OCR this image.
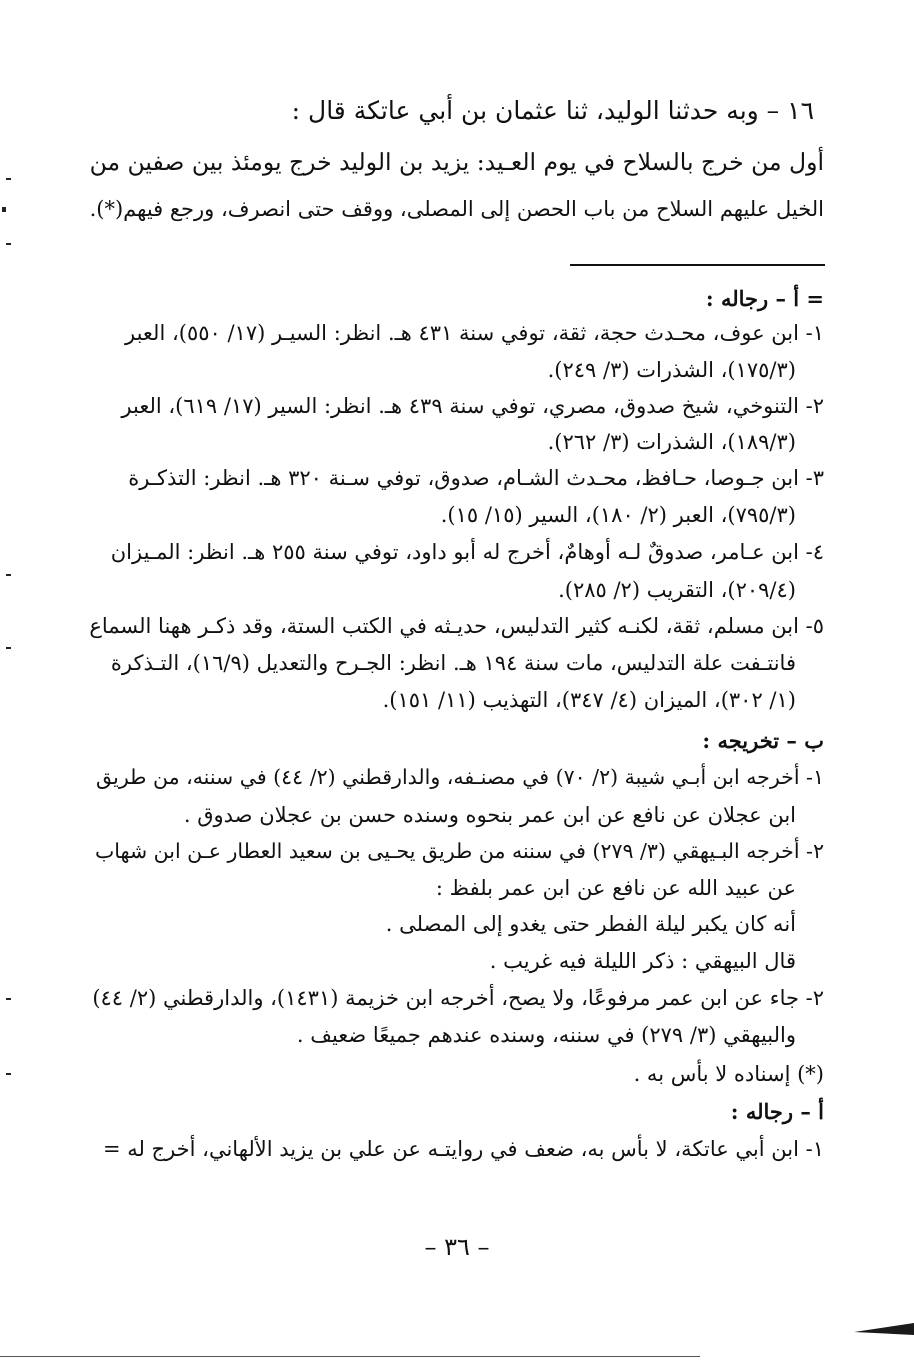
١٦ – وبه حدثنا الوليد، ثنا عثمان بن أبي عاتكة قال :
أول من خرج بالسلاح في يوم العـيد: يزيد بن الوليد خرج يومئذ بين صفين من
الخيل عليهم السلاح من باب الحصن إلى المصلى، ووقف حتى انصرف، ورجع فيهم(*).
= أ – رجاله :
١- ابن عوف، محـدث حجة، ثقة، توفي سنة ٤٣١ هـ. انظر: السيـر (١٧/ ٥٥٠)، العبر
(١٧٥/٣)، الشذرات (٣/ ٢٤٩).
٢- التنوخي، شيخ صدوق، مصري، توفي سنة ٤٣٩ هـ. انظر: السير (١٧/ ٦١٩)، العبر
(١٨٩/٣)، الشذرات (٣/ ٢٦٢).
٣- ابن جـوصا، حـافظ، محـدث الشـام، صدوق، توفي سـنة ٣٢٠ هـ. انظر: التذكـرة
(٧٩٥/٣)، العبر (٢/ ١٨٠)، السير (١٥/ ١٥).
٤- ابن عـامر، صدوقٌ لـه أوهامٌ، أخرج له أبو داود، توفي سنة ٢٥٥ هـ. انظر: المـيزان
(٢٠٩/٤)، التقريب (٢/ ٢٨٥).
٥- ابن مسلم، ثقة، لكنـه كثير التدليس، حديـثه في الكتب الستة، وقد ذكـر ههنا السماع
فانتـفت علة التدليس، مات سنة ١٩٤ هـ. انظر: الجـرح والتعديل (١٦/٩)، التـذكرة
(١/ ٣٠٢)، الميزان (٤/ ٣٤٧)، التهذيب (١١/ ١٥١).
ب – تخريجه :
١- أخرجه ابن أبـي شيبة (٢/ ٧٠) في مصنـفه، والدارقطني (٢/ ٤٤) في سننه، من طريق
ابن عجلان عن نافع عن ابن عمر بنحوه وسنده حسن بن عجلان صدوق .
٢- أخرجه البـيهقي (٣/ ٢٧٩) في سننه من طريق يحـيى بن سعيد العطار عـن ابن شهاب
عن عبيد الله عن نافع عن ابن عمر بلفظ :
أنه كان يكبر ليلة الفطر حتى يغدو إلى المصلى .
قال البيهقي : ذكر الليلة فيه غريب .
٢- جاء عن ابن عمر مرفوعًا، ولا يصح، أخرجه ابن خزيمة (١٤٣١)، والدارقطني (٢/ ٤٤)
والبيهقي (٣/ ٢٧٩) في سننه، وسنده عندهم جميعًا ضعيف .
(*) إسناده لا بأس به .
أ – رجاله :
١- ابن أبي عاتكة، لا بأس به، ضعف في روايتـه عن علي بن يزيد الألهاني، أخرج له =
– ٣٦ –
